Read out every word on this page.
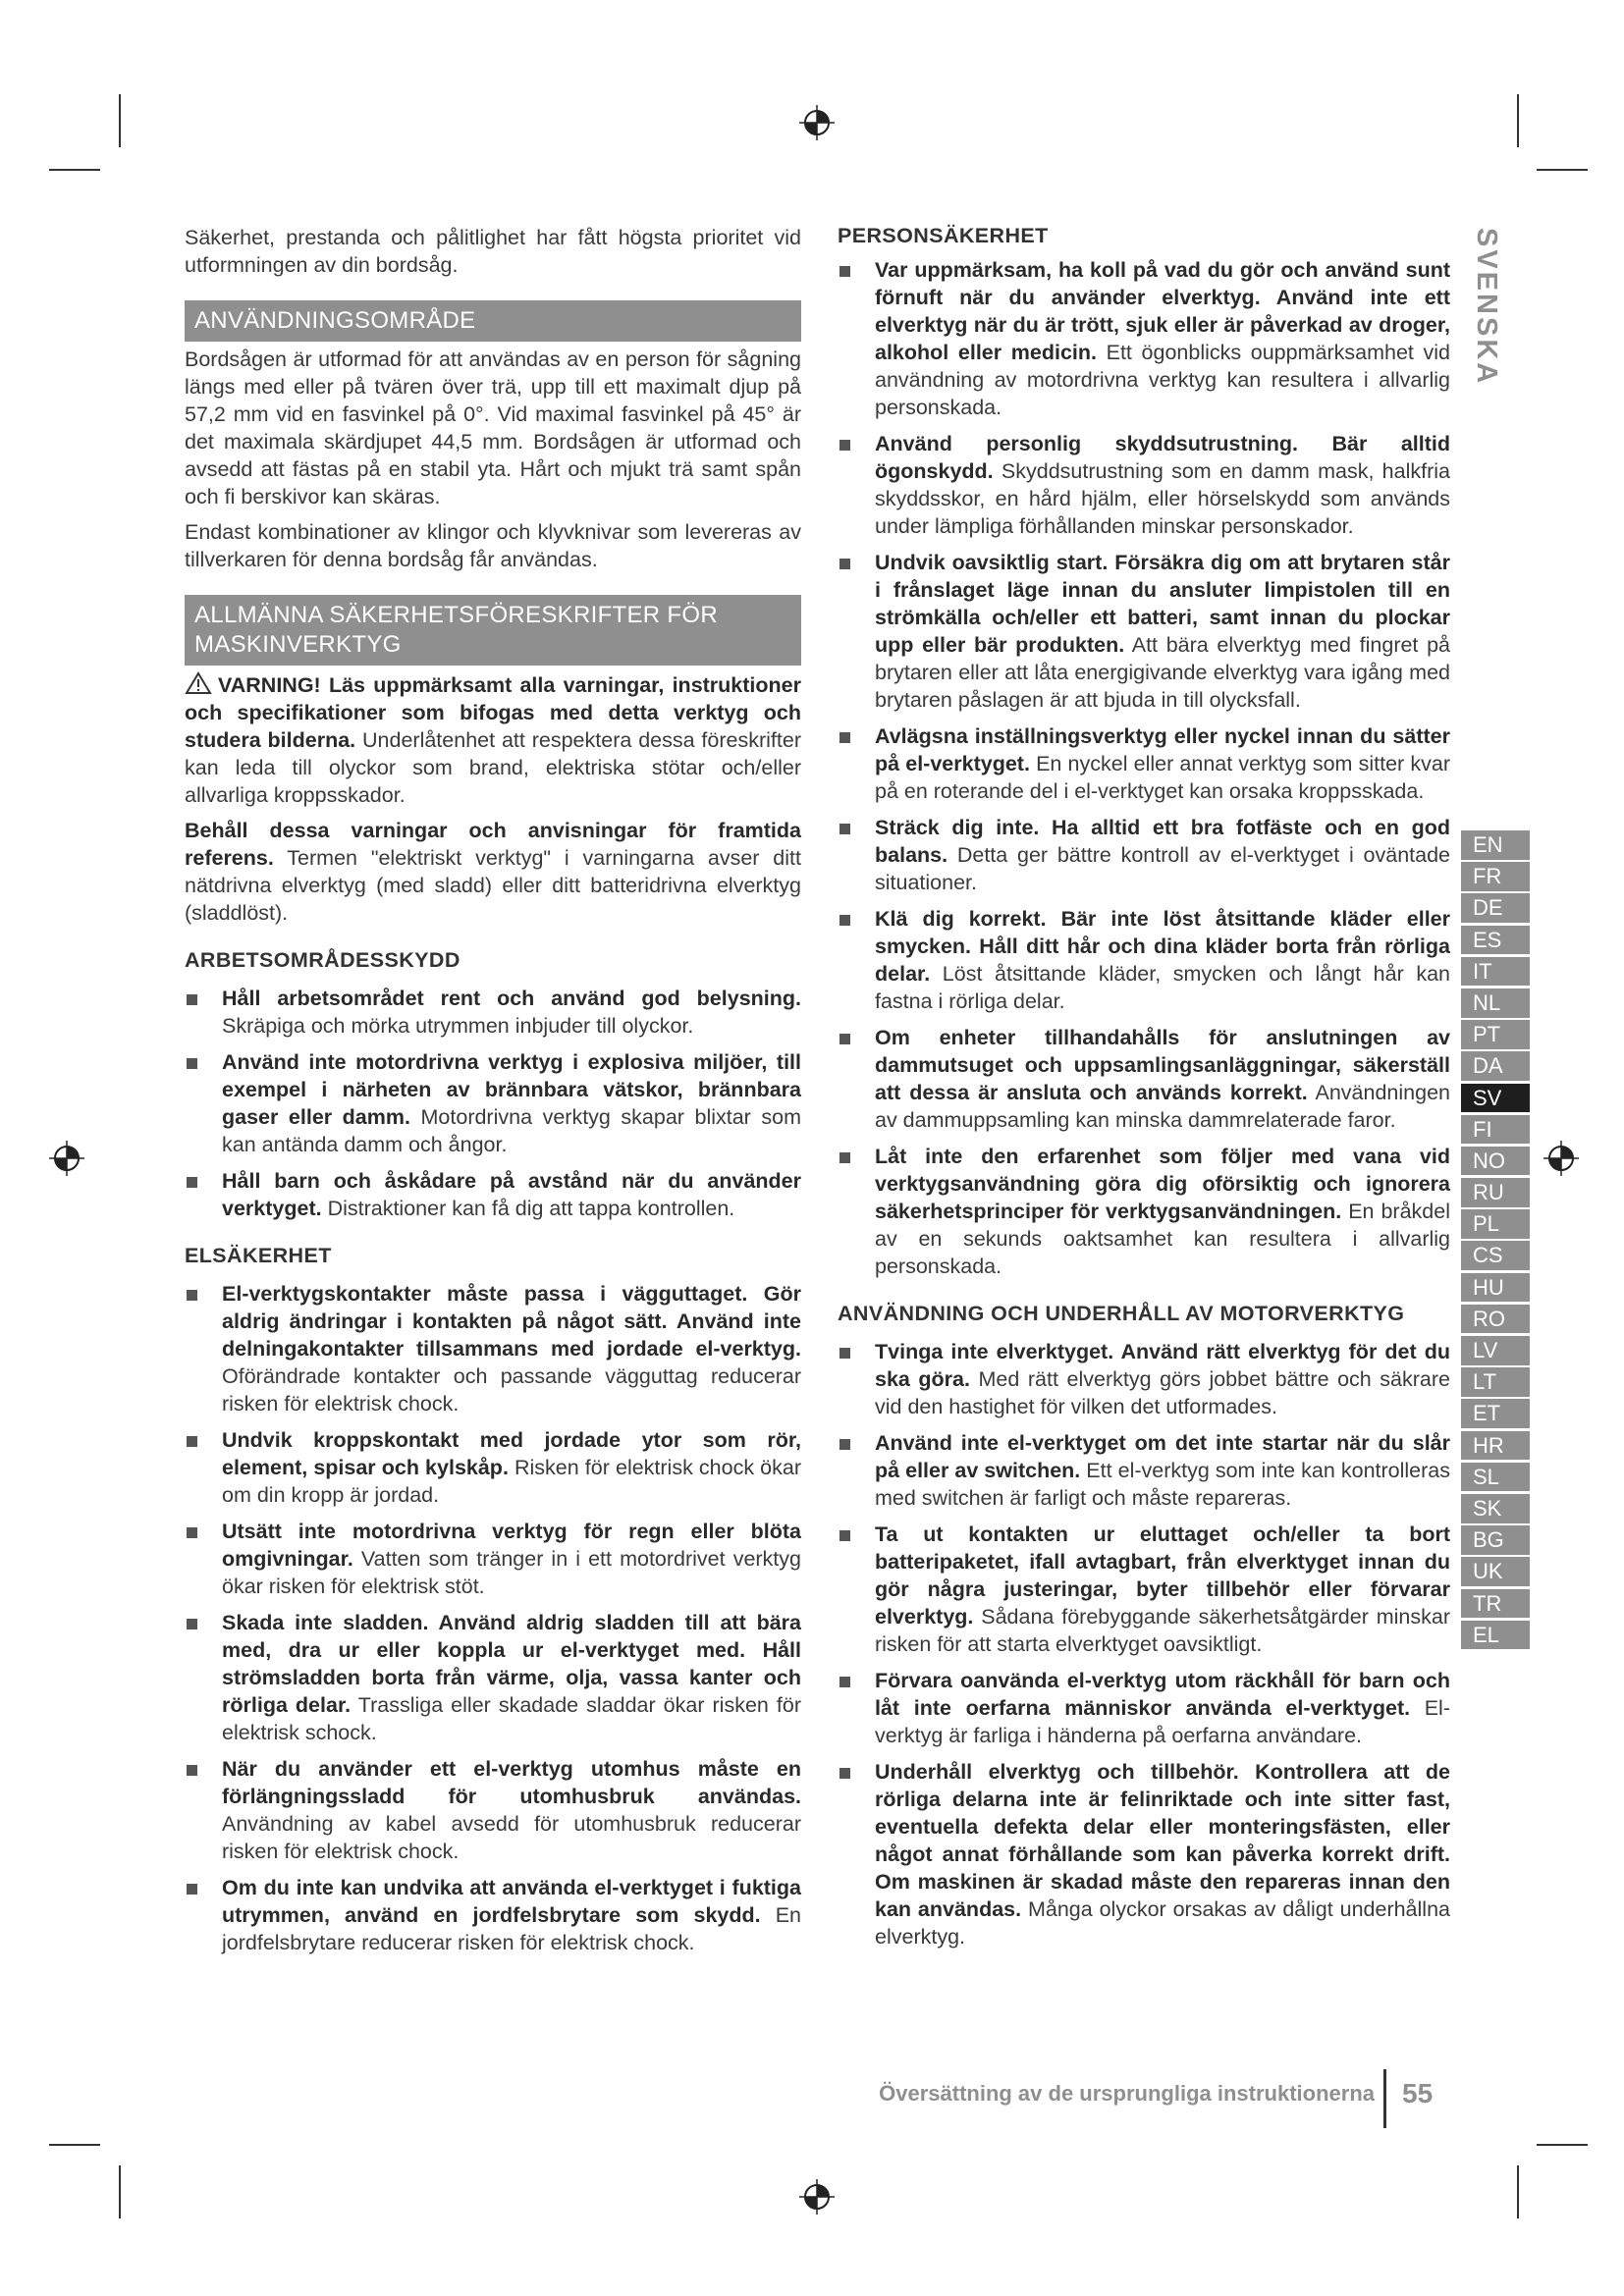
Säkerhet, prestanda och pålitlighet har fått högsta prioritet vid utformningen av din bordsåg.

ANVÄNDNINGSOMRÅDE

Bordsågen är utformad för att användas av en person för sågning längs med eller på tvären över trä, upp till ett maximalt djup på 57,2 mm vid en fasvinkel på 0°. Vid maximal fasvinkel på 45° är det maximala skärdjupet 44,5 mm. Bordsågen är utformad och avsedd att fästas på en stabil yta. Hårt och mjukt trä samt spån och fi berskivor kan skäras.

Endast kombinationer av klingor och klyvknivar som levereras av tillverkaren för denna bordsåg får användas.

ALLMÄNNA SÄKERHETSFÖRESKRIFTER FÖR
MASKINVERKTYG

VARNING! Läs uppmärksamt alla varningar, instruktioner och specifikationer som bifogas med detta verktyg och studera bilderna. Underlåtenhet att respektera dessa föreskrifter kan leda till olyckor som brand, elektriska stötar och/eller allvarliga kroppsskador.

Behåll dessa varningar och anvisningar för framtida referens. Termen "elektriskt verktyg" i varningarna avser ditt nätdrivna elverktyg (med sladd) eller ditt batteridrivna elverktyg (sladdlöst).

ARBETSOMRÅDESSKYDD

Håll arbetsområdet rent och använd god belysning. Skräpiga och mörka utrymmen inbjuder till olyckor.

Använd inte motordrivna verktyg i explosiva miljöer, till exempel i närheten av brännbara vätskor, brännbara gaser eller damm. Motordrivna verktyg skapar blixtar som kan antända damm och ångor.

Håll barn och åskådare på avstånd när du använder verktyget. Distraktioner kan få dig att tappa kontrollen.

ELSÄKERHET

El-verktygskontakter måste passa i vägguttaget. Gör aldrig ändringar i kontakten på något sätt. Använd inte delningakontakter tillsammans med jordade el-verktyg. Oförändrade kontakter och passande vägguttag reducerar risken för elektrisk chock.

Undvik kroppskontakt med jordade ytor som rör, element, spisar och kylskåp. Risken för elektrisk chock ökar om din kropp är jordad.

Utsätt inte motordrivna verktyg för regn eller blöta omgivningar. Vatten som tränger in i ett motordrivet verktyg ökar risken för elektrisk stöt.

Skada inte sladden. Använd aldrig sladden till att bära med, dra ur eller koppla ur el-verktyget med. Håll strömsladden borta från värme, olja, vassa kanter och rörliga delar. Trassliga eller skadade sladdar ökar risken för elektrisk schock.

När du använder ett el-verktyg utomhus måste en förlängningssladd för utomhusbruk användas. Användning av kabel avsedd för utomhusbruk reducerar risken för elektrisk chock.

Om du inte kan undvika att använda el-verktyget i fuktiga utrymmen, använd en jordfelsbrytare som skydd. En jordfelsbrytare reducerar risken för elektrisk chock.

PERSONSÄKERHET

Var uppmärksam, ha koll på vad du gör och använd sunt förnuft när du använder elverktyg. Använd inte ett elverktyg när du är trött, sjuk eller är påverkad av droger, alkohol eller medicin. Ett ögonblicks ouppmärksamhet vid användning av motordrivna verktyg kan resultera i allvarlig personskada.

Använd personlig skyddsutrustning. Bär alltid ögonskydd. Skyddsutrustning som en damm mask, halkfria skyddsskor, en hård hjälm, eller hörselskydd som används under lämpliga förhållanden minskar personskador.

Undvik oavsiktlig start. Försäkra dig om att brytaren står i frånslaget läge innan du ansluter limpistolen till en strömkälla och/eller ett batteri, samt innan du plockar upp eller bär produkten. Att bära elverktyg med fingret på brytaren eller att låta energigivande elverktyg vara igång med brytaren påslagen är att bjuda in till olycksfall.

Avlägsna inställningsverktyg eller nyckel innan du sätter på el-verktyget. En nyckel eller annat verktyg som sitter kvar på en roterande del i el-verktyget kan orsaka kroppsskada.

Sträck dig inte. Ha alltid ett bra fotfäste och en god balans. Detta ger bättre kontroll av el-verktyget i oväntade situationer.

Klä dig korrekt. Bär inte löst åtsittande kläder eller smycken. Håll ditt hår och dina kläder borta från rörliga delar. Löst åtsittande kläder, smycken och långt hår kan fastna i rörliga delar.

Om enheter tillhandahålls för anslutningen av dammutsuget och uppsamlingsanläggningar, säkerställ att dessa är ansluta och används korrekt. Användningen av dammuppsamling kan minska dammrelaterade faror.

Låt inte den erfarenhet som följer med vana vid verktygsanvändning göra dig oförsiktig och ignorera säkerhetsprinciper för verktygsanvändningen. En bråkdel av en sekunds oaktsamhet kan resultera i allvarlig personskada.

ANVÄNDNING OCH UNDERHÅLL AV MOTORVERKTYG

Tvinga inte elverktyget. Använd rätt elverktyg för det du ska göra. Med rätt elverktyg görs jobbet bättre och säkrare vid den hastighet för vilken det utformades.

Använd inte el-verktyget om det inte startar när du slår på eller av switchen. Ett el-verktyg som inte kan kontrolleras med switchen är farligt och måste repareras.

Ta ut kontakten ur eluttaget och/eller ta bort batteripaketet, ifall avtagbart, från elverktyget innan du gör några justeringar, byter tillbehör eller förvarar elverktyg. Sådana förebyggande säkerhetsåtgärder minskar risken för att starta elverktyget oavsiktligt.

Förvara oanvända el-verktyg utom räckhåll för barn och låt inte oerfarna människor använda el-verktyget. El-verktyg är farliga i händerna på oerfarna användare.

Underhåll elverktyg och tillbehör. Kontrollera att de rörliga delarna inte är felinriktade och inte sitter fast, eventuella defekta delar eller monteringsfästen, eller något annat förhållande som kan påverka korrekt drift. Om maskinen är skadad måste den repareras innan den kan användas. Många olyckor orsakas av dåligt underhållna elverktyg.

SVENSKA
EN
FR
DE
ES
IT
NL
PT
DA
SV
FI
NO
RU
PL
CS
HU
RO
LV
LT
ET
HR
SL
SK
BG
UK
TR
EL
Översättning av de ursprungliga instruktionerna 55
